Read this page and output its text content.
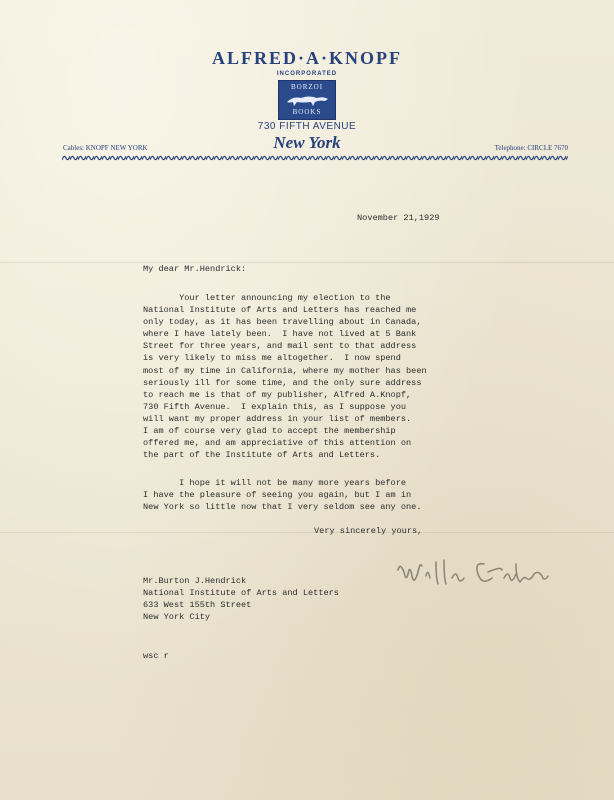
ALFRED·A·KNOPF
INCORPORATED
BORZOI
BOOKS
730 FIFTH AVENUE
New York
Cables: KNOPF NEW YORK	Telephone: CIRCLE 7670
November 21,1929
My dear Mr.Hendrick:
Your letter announcing my election to the
National Institute of Arts and Letters has reached me
only today, as it has been travelling about in Canada,
where I have lately been.  I have not lived at 5 Bank
Street for three years, and mail sent to that address
is very likely to miss me altogether.  I now spend
most of my time in California, where my mother has been
seriously ill for some time, and the only sure address
to reach me is that of my publisher, Alfred A.Knopf,
730 Fifth Avenue.  I explain this, as I suppose you
will want my proper address in your list of members.
I am of course very glad to accept the membership
offered me, and am appreciative of this attention on
the part of the Institute of Arts and Letters.
I hope it will not be many more years before
I have the pleasure of seeing you again, but I am in
New York so little now that I very seldom see any one.
Very sincerely yours,
Mr.Burton J.Hendrick
National Institute of Arts and Letters
633 West 155th Street
New York City
wsc r
